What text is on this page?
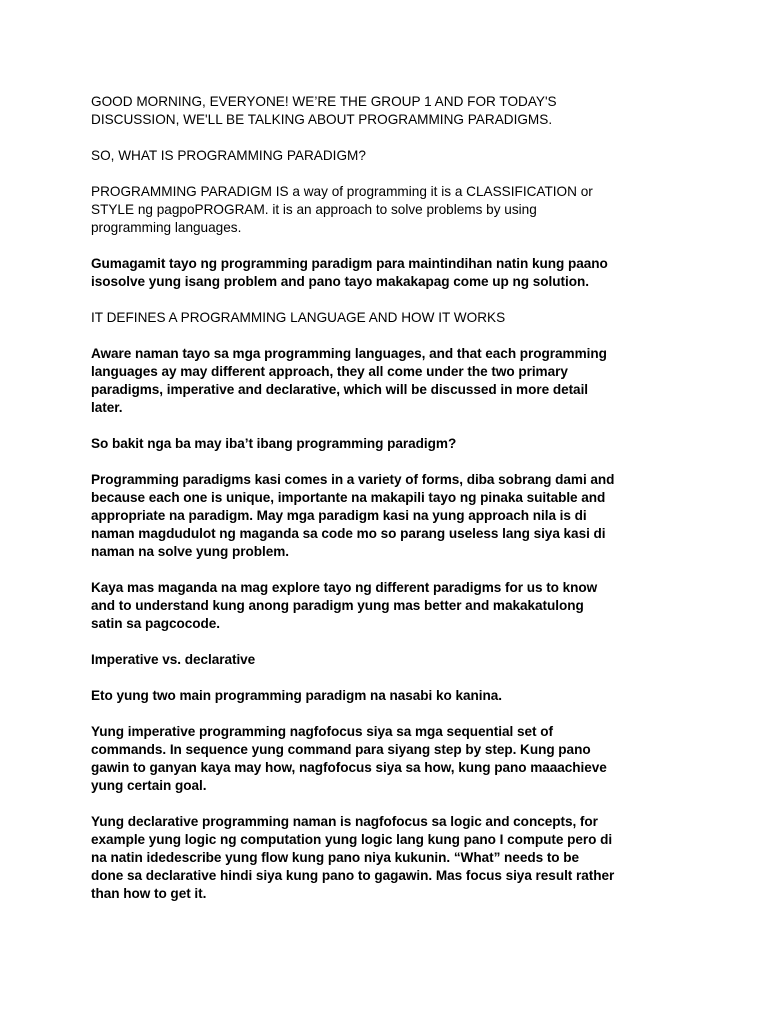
GOOD MORNING, EVERYONE! WE’RE THE GROUP 1 AND FOR TODAY'S
DISCUSSION, WE'LL BE TALKING ABOUT PROGRAMMING PARADIGMS.
SO, WHAT IS PROGRAMMING PARADIGM?
PROGRAMMING PARADIGM IS a way of programming it is a CLASSIFICATION or
STYLE ng pagpoPROGRAM. it is an approach to solve problems by using
programming languages.
Gumagamit tayo ng programming paradigm para maintindihan natin kung paano
isosolve yung isang problem and pano tayo makakapag come up ng solution.
IT DEFINES A PROGRAMMING LANGUAGE AND HOW IT WORKS
Aware naman tayo sa mga programming languages, and that each programming
languages ay may different approach, they all come under the two primary
paradigms, imperative and declarative, which will be discussed in more detail
later.
So bakit nga ba may iba’t ibang programming paradigm?
Programming paradigms kasi comes in a variety of forms, diba sobrang dami and
because each one is unique, importante na makapili tayo ng pinaka suitable and
appropriate na paradigm. May mga paradigm kasi na yung approach nila is di
naman magdudulot ng maganda sa code mo so parang useless lang siya kasi di
naman na solve yung problem.
Kaya mas maganda na mag explore tayo ng different paradigms for us to know
and to understand kung anong paradigm yung mas better and makakatulong
satin sa pagcocode.
Imperative vs. declarative
Eto yung two main programming paradigm na nasabi ko kanina.
Yung imperative programming nagfofocus siya sa mga sequential set of
commands. In sequence yung command para siyang step by step. Kung pano
gawin to ganyan kaya may how, nagfofocus siya sa how, kung pano maaachieve
yung certain goal.
Yung declarative programming naman is nagfofocus sa logic and concepts, for
example yung logic ng computation yung logic lang kung pano I compute pero di
na natin idedescribe yung flow kung pano niya kukunin. “What” needs to be
done sa declarative hindi siya kung pano to gagawin. Mas focus siya result rather
than how to get it.
